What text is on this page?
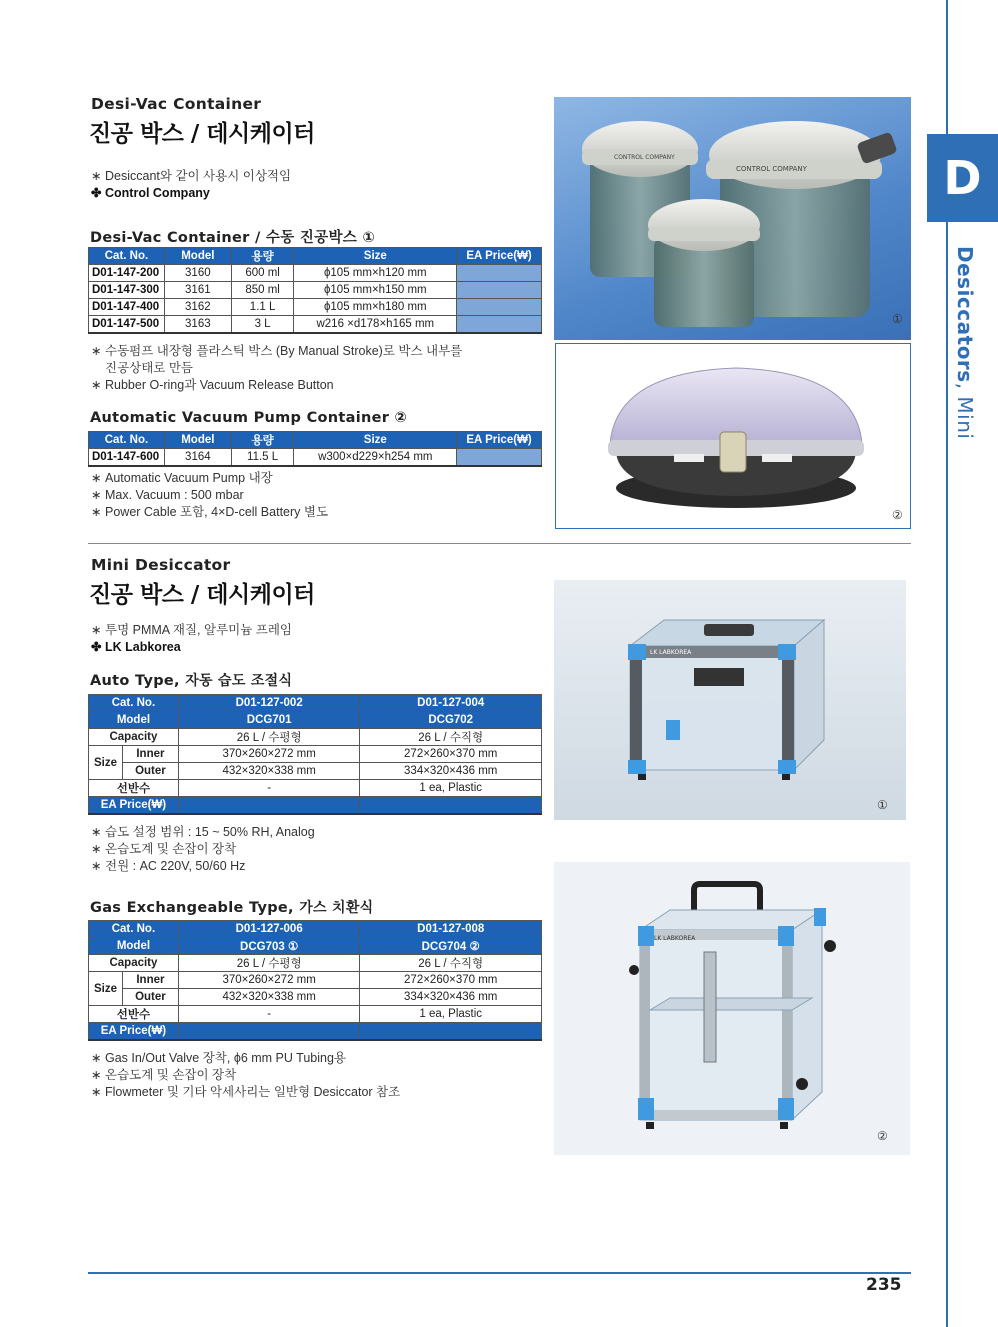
D
Desiccators, Mini
Desi-Vac Container
진공 박스 / 데시케이터
∗ Desiccant와 같이 사용시 이상적임
✤ Control Company
Desi-Vac Container / 수동 진공박스 ①
Cat. No.	Model	용량	Size	EA Price(₩)
D01-147-200	3160	600 ml	ϕ105 mm×h120 mm	
D01-147-300	3161	850 ml	ϕ105 mm×h150 mm	
D01-147-400	3162	1.1 L	ϕ105 mm×h180 mm	
D01-147-500	3163	3 L	w216 ×d178×h165 mm	
∗ 수동펌프 내장형 플라스틱 박스 (By Manual Stroke)로 박스 내부를
진공상태로 만듬
∗ Rubber O-ring과 Vacuum Release Button
Automatic Vacuum Pump Container ②
Cat. No.	Model	용량	Size	EA Price(₩)
D01-147-600	3164	11.5 L	w300×d229×h254 mm	
∗ Automatic Vacuum Pump 내장
∗ Max. Vacuum : 500 mbar
∗ Power Cable 포함, 4×D-cell Battery 별도
CONTROL COMPANY
CONTROL COMPANY
①
②
Mini Desiccator
진공 박스 / 데시케이터
∗ 투명 PMMA 재질, 알루미늄 프레임
✤ LK Labkorea
Auto Type, 자동 습도 조절식
Cat. No.		D01-127-002	D01-127-004
Model		DCG701	DCG702
Capacity		26 L / 수평형	26 L / 수직형
Size	Inner	370×260×272 mm	272×260×370 mm
	Outer	432×320×338 mm	334×320×436 mm
선반수		-	1 ea, Plastic
EA Price(₩)			
∗ 습도 설정 범위 : 15 ~ 50% RH, Analog
∗ 온습도계 및 손잡이 장착
∗ 전원 : AC 220V, 50/60 Hz
Gas Exchangeable Type, 가스 치환식
Cat. No.		D01-127-006	D01-127-008
Model		DCG703 ①	DCG704 ②
Capacity		26 L / 수평형	26 L / 수직형
Size	Inner	370×260×272 mm	272×260×370 mm
	Outer	432×320×338 mm	334×320×436 mm
선반수		-	1 ea, Plastic
EA Price(₩)			
∗ Gas In/Out Valve 장착, ϕ6 mm PU Tubing용
∗ 온습도계 및 손잡이 장착
∗ Flowmeter 및 기타 악세사리는 일반형 Desiccator 참조
LK LABKOREA
①
LK LABKOREA
②
235
